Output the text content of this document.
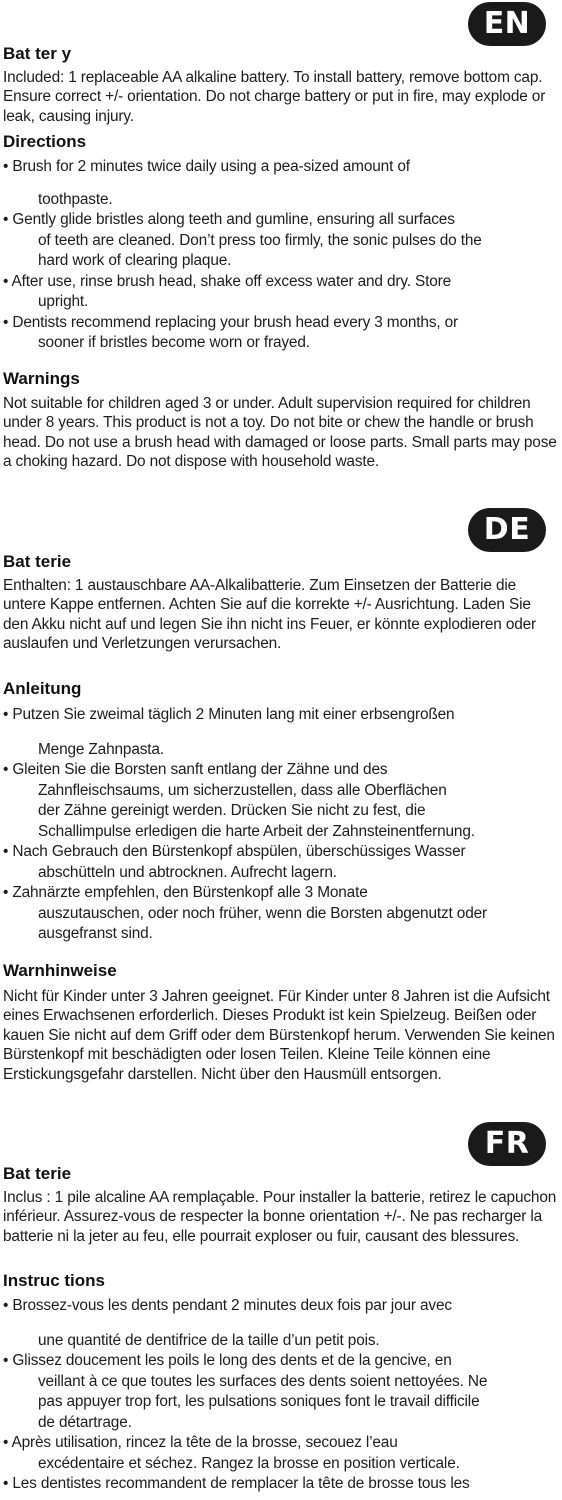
EN
Bat ter y
Included: 1 replaceable AA alkaline battery. To install battery, remove bottom cap. Ensure correct +/- orientation. Do not charge battery or put in fire, may explode or leak, causing injury.
Directions
• Brush for 2 minutes twice daily using a pea-sized amount of
toothpaste.
• Gently glide bristles along teeth and gumline, ensuring all surfaces
of teeth are cleaned. Don’t press too firmly, the sonic pulses do the
hard work of clearing plaque.
• After use, rinse brush head, shake off excess water and dry. Store
upright.
• Dentists recommend replacing your brush head every 3 months, or
sooner if bristles become worn or frayed.
Warnings
Not suitable for children aged 3 or under. Adult supervision required for children under 8 years. This product is not a toy. Do not bite or chew the handle or brush head. Do not use a brush head with damaged or loose parts. Small parts may pose a choking hazard. Do not dispose with household waste.
DE
Bat terie
Enthalten: 1 austauschbare AA-Alkalibatterie. Zum Einsetzen der Batterie die untere Kappe entfernen. Achten Sie auf die korrekte +/- Ausrichtung. Laden Sie den Akku nicht auf und legen Sie ihn nicht ins Feuer, er könnte explodieren oder auslaufen und Verletzungen verursachen.
Anleitung
• Putzen Sie zweimal täglich 2 Minuten lang mit einer erbsengroßen
Menge Zahnpasta.
• Gleiten Sie die Borsten sanft entlang der Zähne und des
Zahnfleischsaums, um sicherzustellen, dass alle Oberflächen
der Zähne gereinigt werden. Drücken Sie nicht zu fest, die
Schallimpulse erledigen die harte Arbeit der Zahnsteinentfernung.
• Nach Gebrauch den Bürstenkopf abspülen, überschüssiges Wasser
abschütteln und abtrocknen. Aufrecht lagern.
• Zahnärzte empfehlen, den Bürstenkopf alle 3 Monate
auszutauschen, oder noch früher, wenn die Borsten abgenutzt oder
ausgefranst sind.
Warnhinweise
Nicht für Kinder unter 3 Jahren geeignet. Für Kinder unter 8 Jahren ist die Aufsicht eines Erwachsenen erforderlich. Dieses Produkt ist kein Spielzeug. Beißen oder kauen Sie nicht auf dem Griff oder dem Bürstenkopf herum. Verwenden Sie keinen Bürstenkopf mit beschädigten oder losen Teilen. Kleine Teile können eine Erstickungsgefahr darstellen. Nicht über den Hausmüll entsorgen.
FR
Bat terie
Inclus : 1 pile alcaline AA remplaçable. Pour installer la batterie, retirez le capuchon inférieur. Assurez-vous de respecter la bonne orientation +/-. Ne pas recharger la batterie ni la jeter au feu, elle pourrait exploser ou fuir, causant des blessures.
Instruc tions
• Brossez-vous les dents pendant 2 minutes deux fois par jour avec
une quantité de dentifrice de la taille d’un petit pois.
• Glissez doucement les poils le long des dents et de la gencive, en
veillant à ce que toutes les surfaces des dents soient nettoyées. Ne
pas appuyer trop fort, les pulsations soniques font le travail difficile
de détartrage.
• Après utilisation, rincez la tête de la brosse, secouez l’eau
excédentaire et séchez. Rangez la brosse en position verticale.
• Les dentistes recommandent de remplacer la tête de brosse tous les
